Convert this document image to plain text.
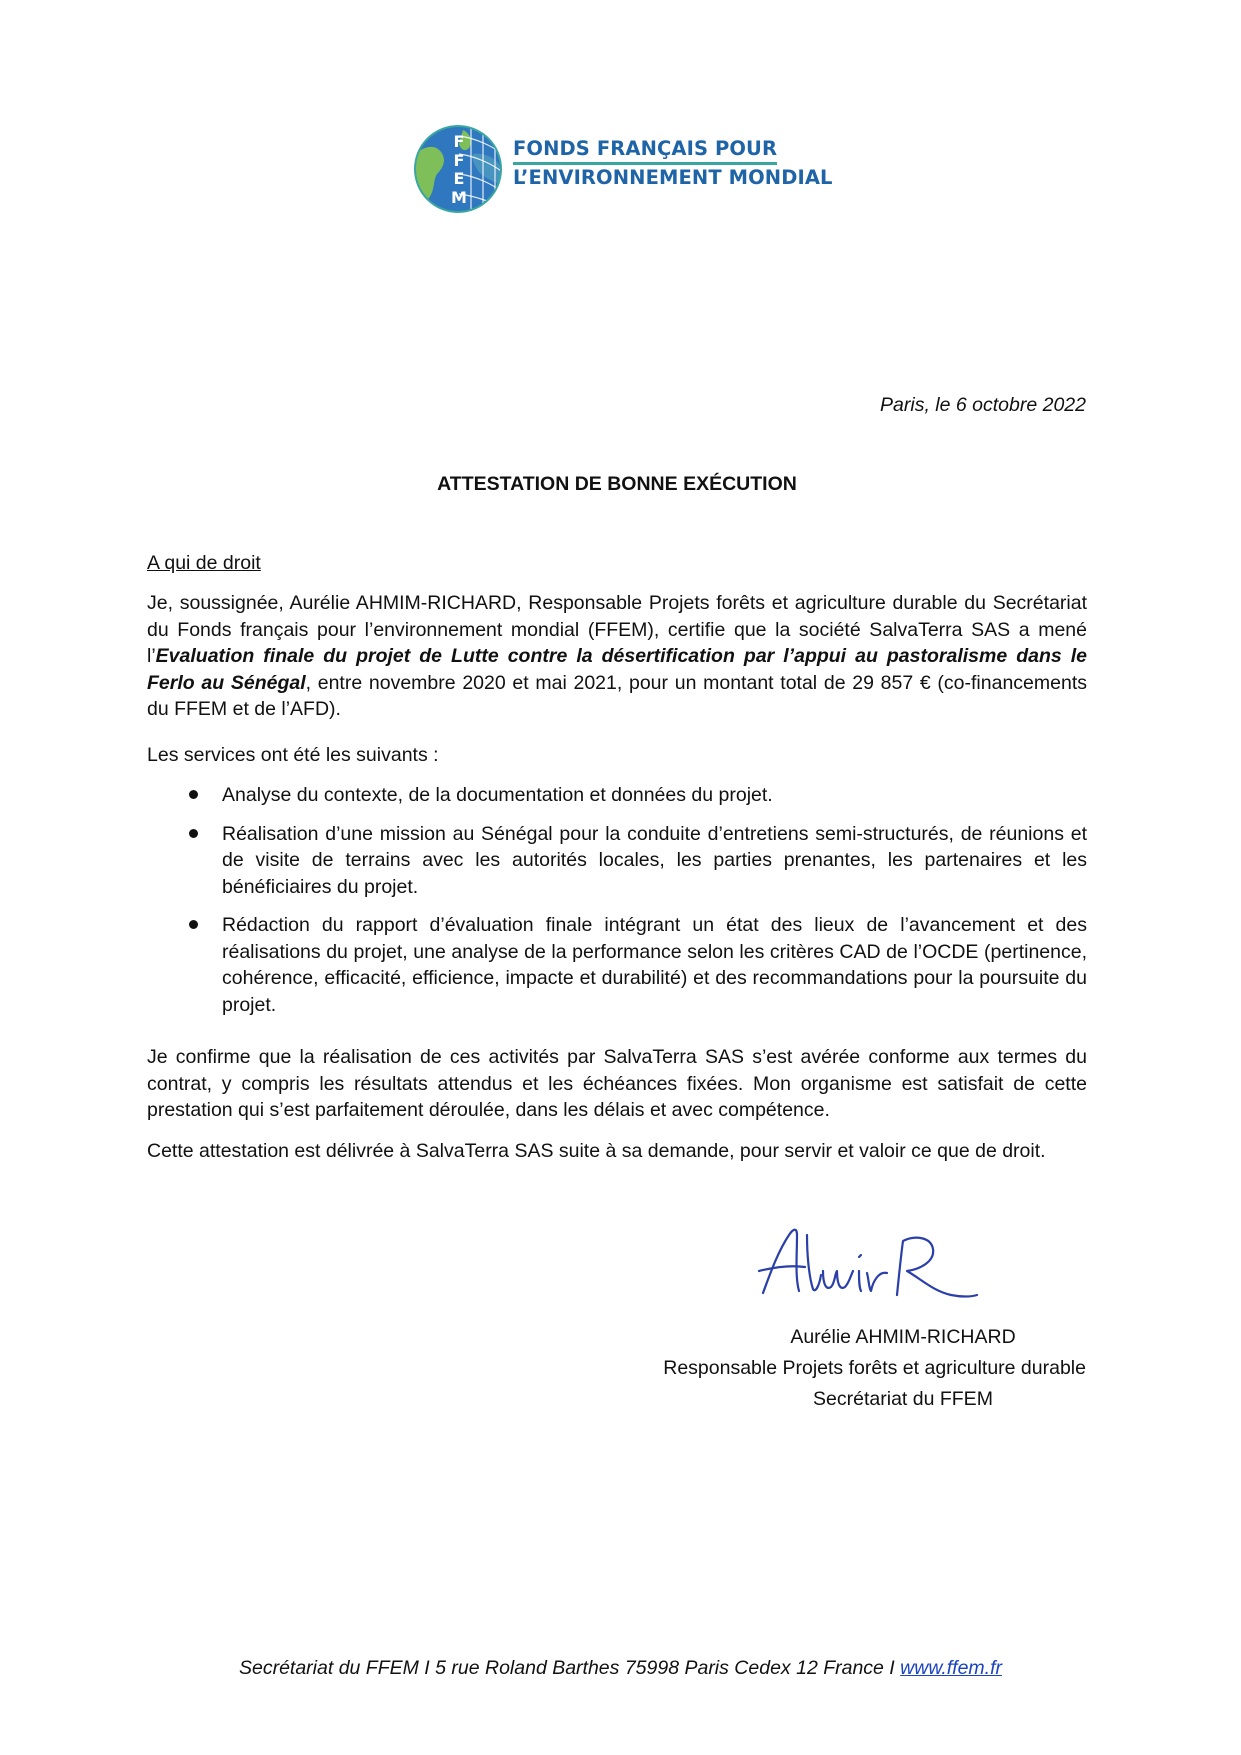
F
F
E
M
FONDS FRANÇAIS POUR
L’ENVIRONNEMENT MONDIAL
Paris, le 6 octobre 2022
ATTESTATION DE BONNE EXÉCUTION
A qui de droit
Je, soussignée, Aurélie AHMIM-RICHARD, Responsable Projets forêts et agriculture durable du Secrétariat du Fonds français pour l’environnement mondial (FFEM), certifie que la société SalvaTerra SAS a mené l’Evaluation finale du projet de Lutte contre la désertification par l’appui au pastoralisme dans le Ferlo au Sénégal, entre novembre 2020 et mai 2021, pour un montant total de 29 857 € (co-financements du FFEM et de l’AFD).
Les services ont été les suivants :
Analyse du contexte, de la documentation et données du projet.
Réalisation d’une mission au Sénégal pour la conduite d’entretiens semi-structurés, de réunions et de visite de terrains avec les autorités locales, les parties prenantes, les partenaires et les bénéficiaires du projet.
Rédaction du rapport d’évaluation finale intégrant un état des lieux de l’avancement et des réalisations du projet, une analyse de la performance selon les critères CAD de l’OCDE (pertinence, cohérence, efficacité, efficience, impacte et durabilité) et des recommandations pour la poursuite du projet.
Je confirme que la réalisation de ces activités par SalvaTerra SAS s’est avérée conforme aux termes du contrat, y compris les résultats attendus et les échéances fixées. Mon organisme est satisfait de cette prestation qui s’est parfaitement déroulée, dans les délais et avec compétence.
Cette attestation est délivrée à SalvaTerra SAS suite à sa demande, pour servir et valoir ce que de droit.
Aurélie AHMIM-RICHARD
Responsable Projets forêts et agriculture durable
Secrétariat du FFEM
Secrétariat du FFEM I 5 rue Roland Barthes 75998 Paris Cedex 12 France I www.ffem.fr
